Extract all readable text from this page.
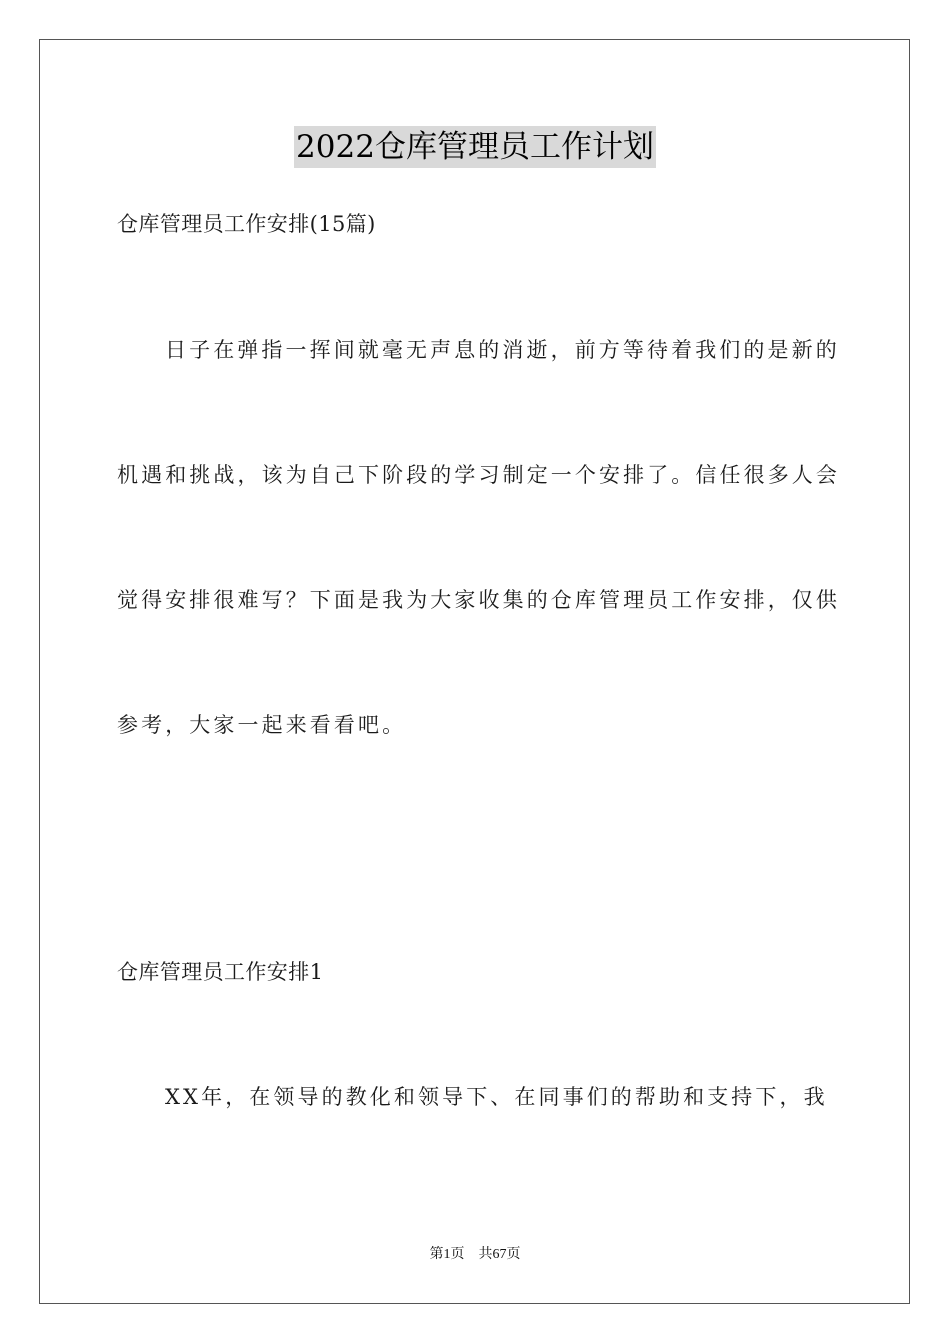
2022仓库管理员工作计划
仓库管理员工作安排(15篇)
日子在弹指一挥间就毫无声息的消逝，前方等待着我们的是新的
机遇和挑战，该为自己下阶段的学习制定一个安排了。信任很多人会
觉得安排很难写？下面是我为大家收集的仓库管理员工作安排，仅供
参考，大家一起来看看吧。
仓库管理员工作安排1
XX年，在领导的教化和领导下、在同事们的帮助和支持下，我
第1页 共67页
